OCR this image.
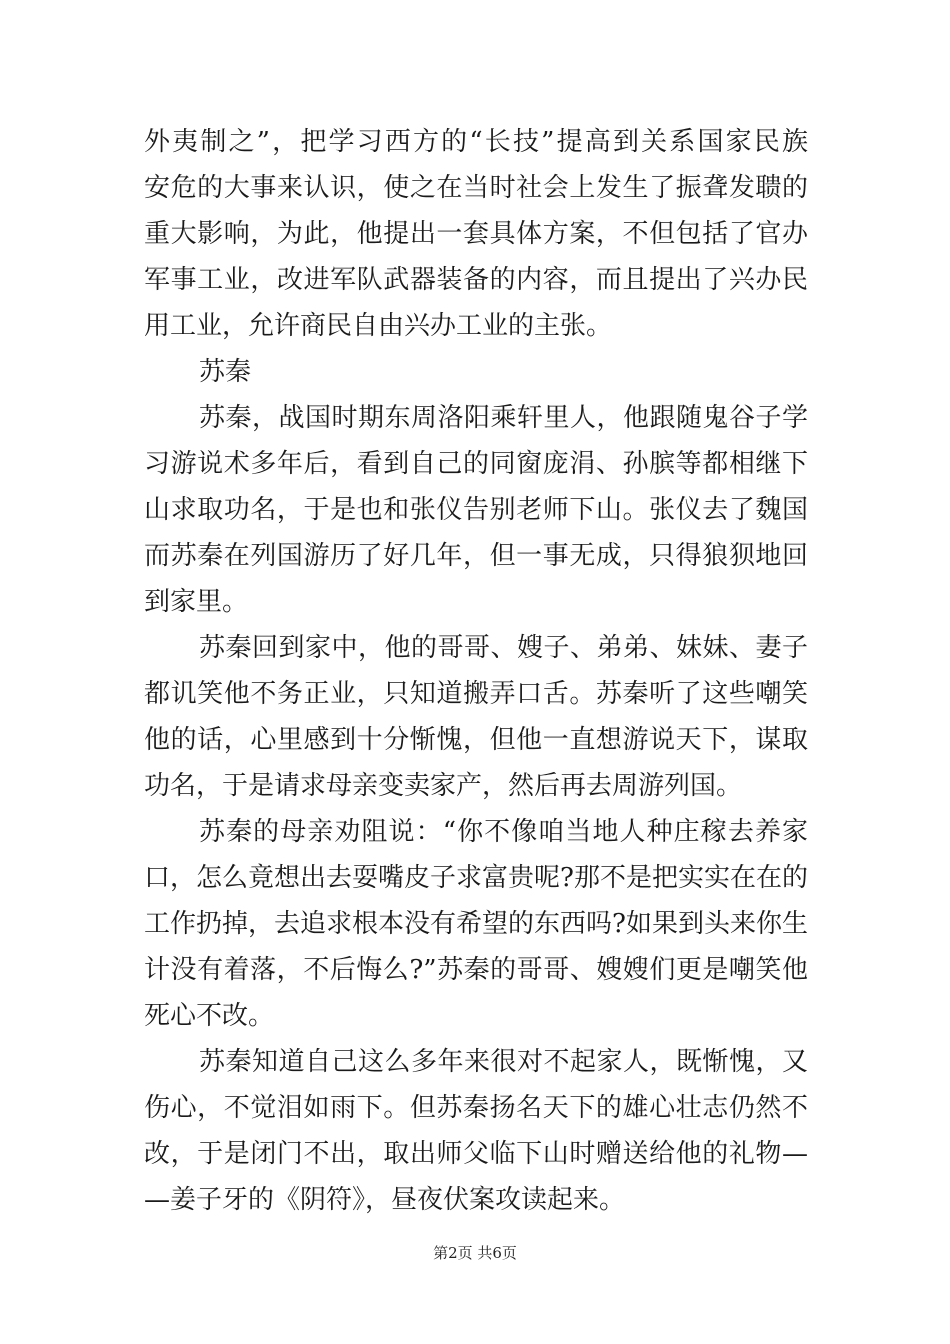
外夷制之”，把学习西方的“长技”提高到关系国家民族
安危的大事来认识，使之在当时社会上发生了振聋发聩的
重大影响，为此，他提出一套具体方案，不但包括了官办
军事工业，改进军队武器装备的内容，而且提出了兴办民
用工业，允许商民自由兴办工业的主张。
苏秦
苏秦，战国时期东周洛阳乘轩里人，他跟随鬼谷子学
习游说术多年后，看到自己的同窗庞涓、孙膑等都相继下
山求取功名，于是也和张仪告别老师下山。张仪去了魏国
而苏秦在列国游历了好几年，但一事无成，只得狼狈地回
到家里。
苏秦回到家中，他的哥哥、嫂子、弟弟、妹妹、妻子
都讥笑他不务正业，只知道搬弄口舌。苏秦听了这些嘲笑
他的话，心里感到十分惭愧，但他一直想游说天下，谋取
功名，于是请求母亲变卖家产，然后再去周游列国。
苏秦的母亲劝阻说：“你不像咱当地人种庄稼去养家
口，怎么竟想出去耍嘴皮子求富贵呢?那不是把实实在在的
工作扔掉，去追求根本没有希望的东西吗?如果到头来你生
计没有着落，不后悔么?”苏秦的哥哥、嫂嫂们更是嘲笑他
死心不改。
苏秦知道自己这么多年来很对不起家人，既惭愧，又
伤心，不觉泪如雨下。但苏秦扬名天下的雄心壮志仍然不
改，于是闭门不出，取出师父临下山时赠送给他的礼物—
—姜子牙的《阴符》，昼夜伏案攻读起来。
第2页 共6页
